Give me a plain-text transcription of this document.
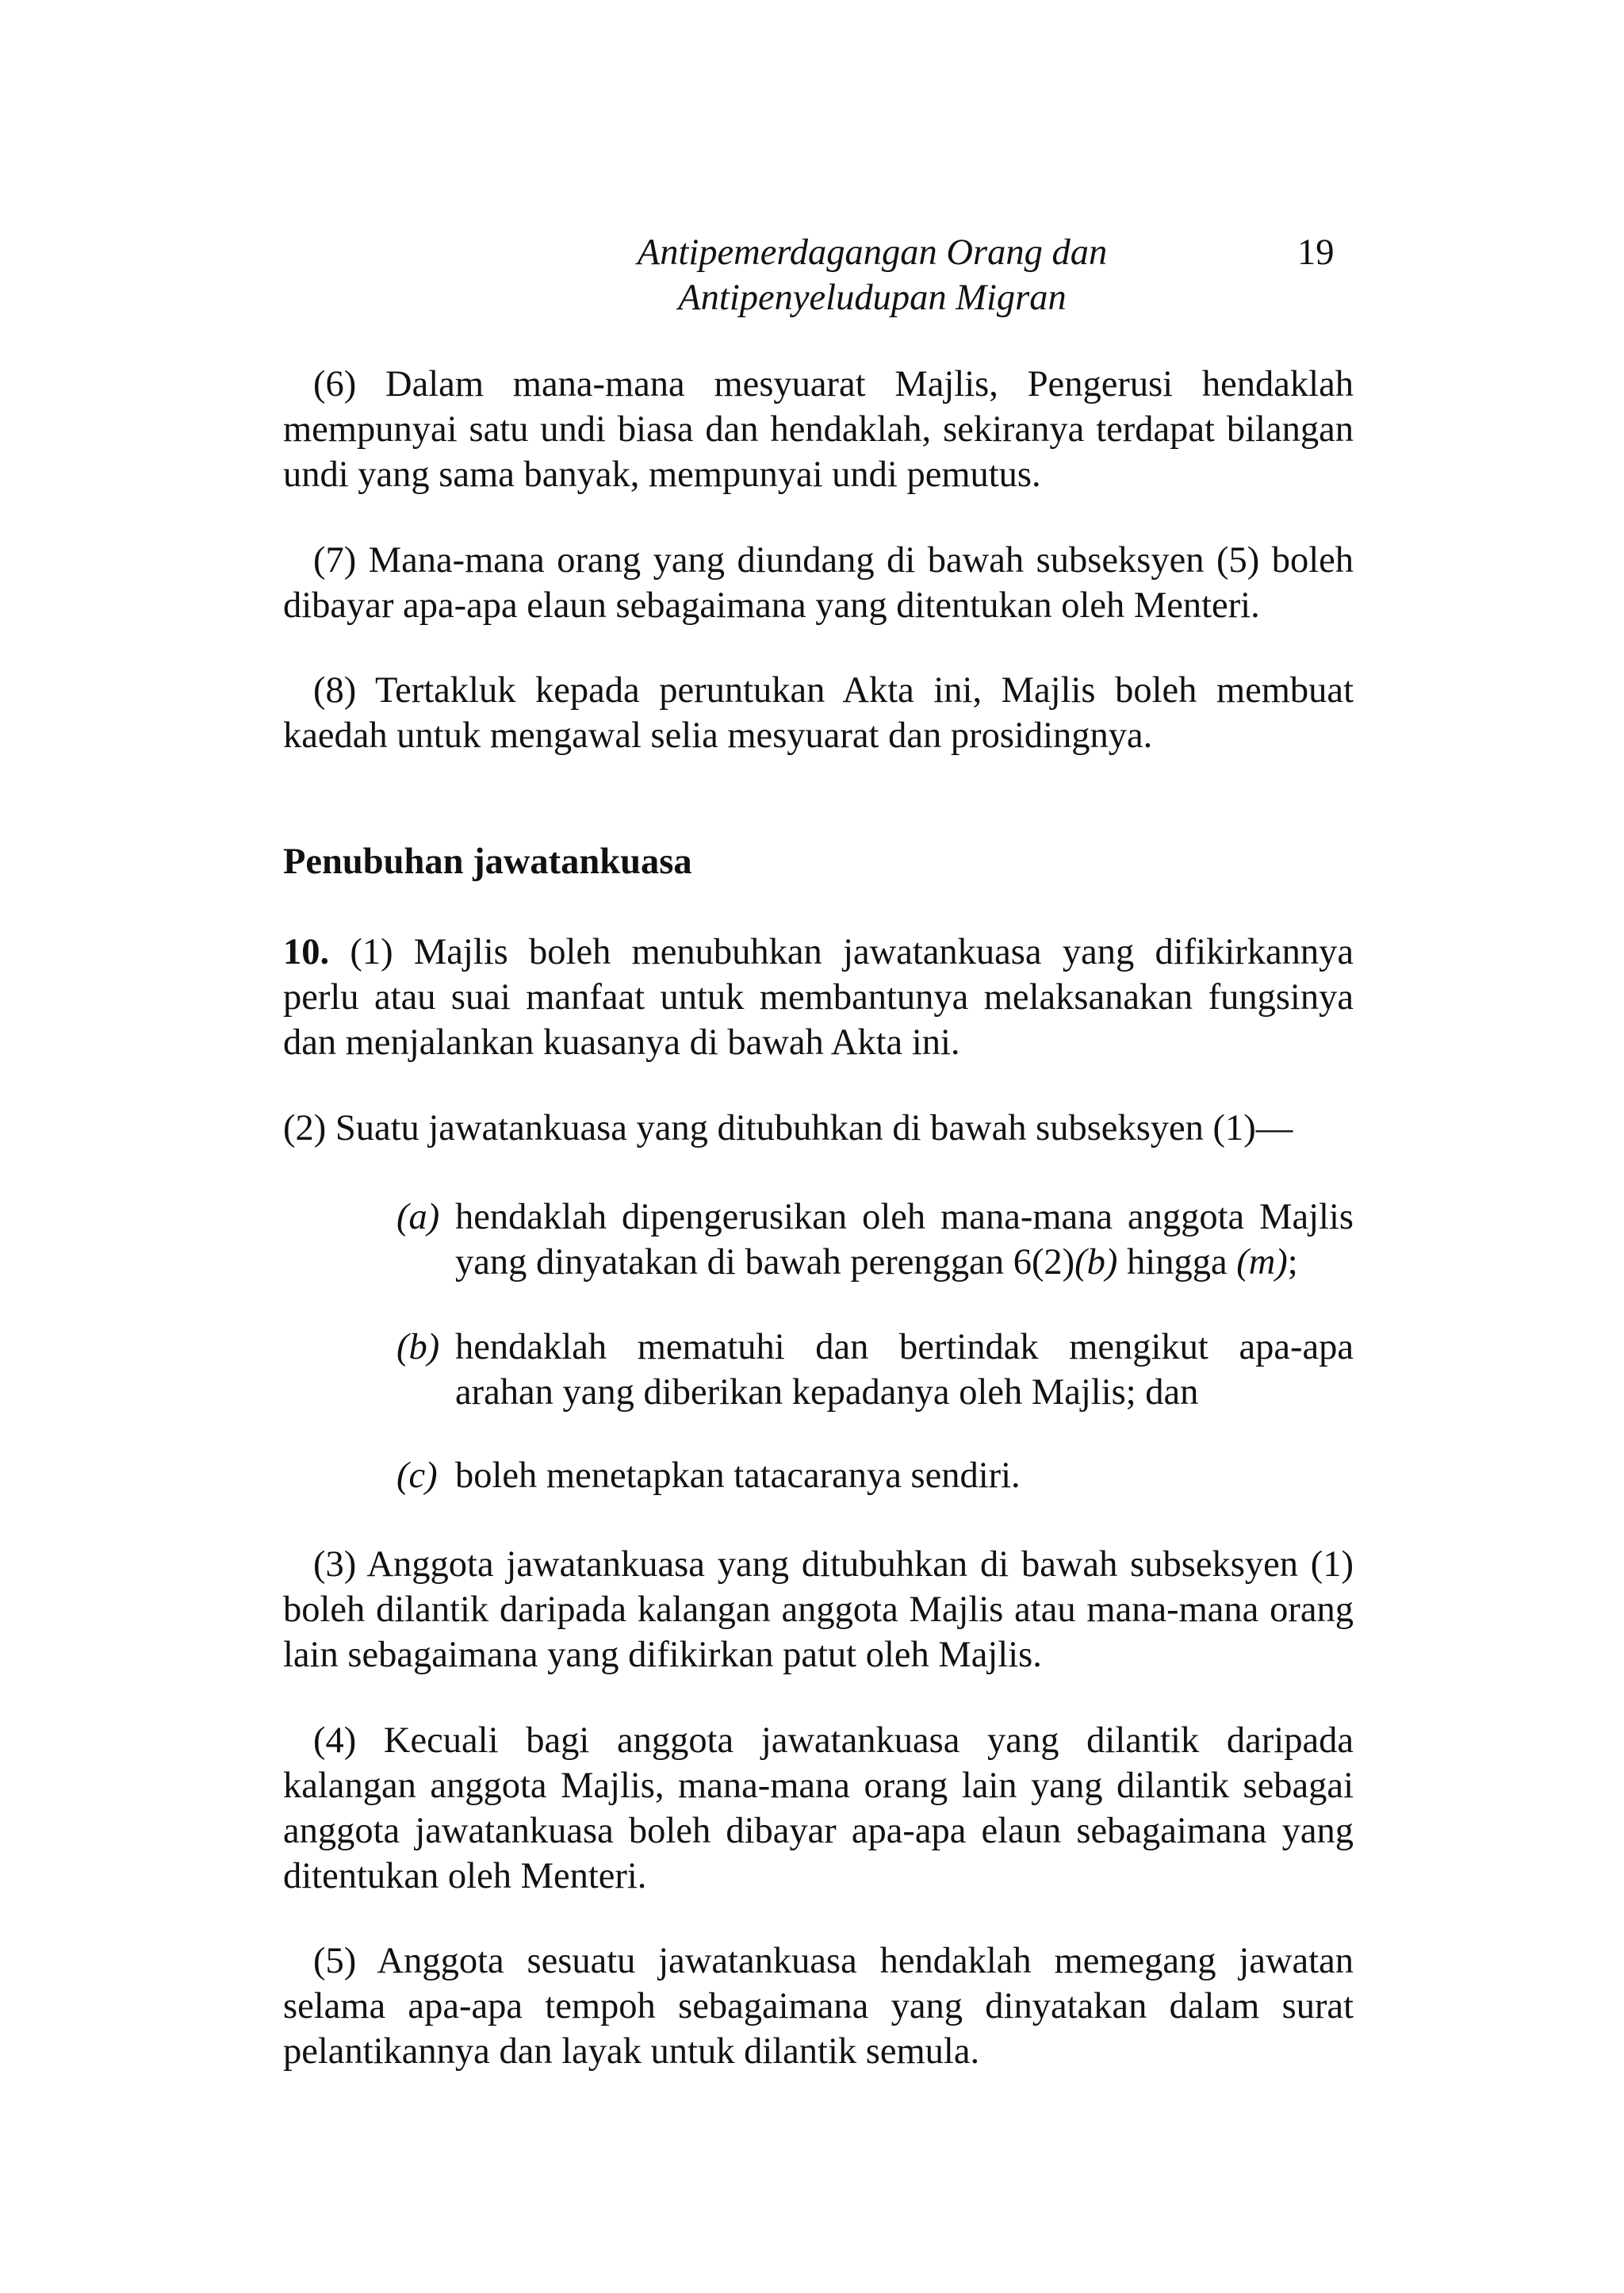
Antipemerdagangan Orang dan
Antipenyeludupan Migran
19

(6) Dalam mana-mana mesyuarat Majlis, Pengerusi hendaklah mempunyai satu undi biasa dan hendaklah, sekiranya terdapat bilangan undi yang sama banyak, mempunyai undi pemutus.

(7) Mana-mana orang yang diundang di bawah subseksyen (5) boleh dibayar apa-apa elaun sebagaimana yang ditentukan oleh Menteri.

(8) Tertakluk kepada peruntukan Akta ini, Majlis boleh membuat kaedah untuk mengawal selia mesyuarat dan prosidingnya.

Penubuhan jawatankuasa

10. (1) Majlis boleh menubuhkan jawatankuasa yang difikirkannya perlu atau suai manfaat untuk membantunya melaksanakan fungsinya dan menjalankan kuasanya di bawah Akta ini.

(2) Suatu jawatankuasa yang ditubuhkan di bawah subseksyen (1)—

(a) hendaklah dipengerusikan oleh mana-mana anggota Majlis yang dinyatakan di bawah perenggan 6(2)(b) hingga (m);
(b) hendaklah mematuhi dan bertindak mengikut apa-apa arahan yang diberikan kepadanya oleh Majlis; dan
(c) boleh menetapkan tatacaranya sendiri.

(3) Anggota jawatankuasa yang ditubuhkan di bawah subseksyen (1) boleh dilantik daripada kalangan anggota Majlis atau mana-mana orang lain sebagaimana yang difikirkan patut oleh Majlis.

(4) Kecuali bagi anggota jawatankuasa yang dilantik daripada kalangan anggota Majlis, mana-mana orang lain yang dilantik sebagai anggota jawatankuasa boleh dibayar apa-apa elaun sebagaimana yang ditentukan oleh Menteri.

(5) Anggota sesuatu jawatankuasa hendaklah memegang jawatan selama apa-apa tempoh sebagaimana yang dinyatakan dalam surat pelantikannya dan layak untuk dilantik semula.
